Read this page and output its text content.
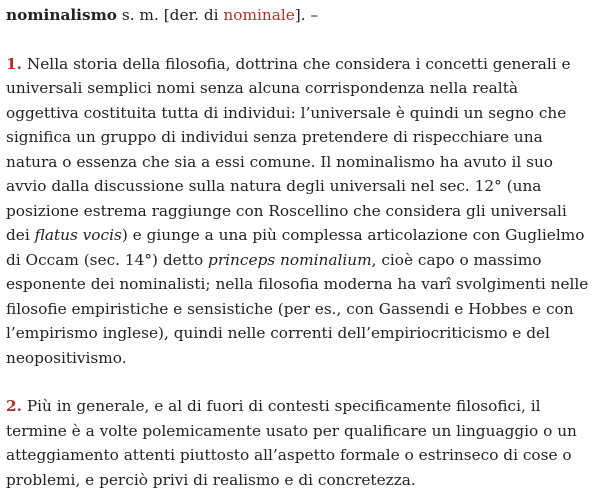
nominalismo s. m. [der. di nominale]. –

1. Nella storia della filosofia, dottrina che considera i concetti generali e universali semplici nomi senza alcuna corrispondenza nella realtà oggettiva costituita tutta di individui: l’universale è quindi un segno che significa un gruppo di individui senza pretendere di rispecchiare una natura o essenza che sia a essi comune. Il nominalismo ha avuto il suo avvio dalla discussione sulla natura degli universali nel sec. 12° (una posizione estrema raggiunge con Roscellino che considera gli universali dei flatus vocis) e giunge a una più complessa articolazione con Guglielmo di Occam (sec. 14°) detto princeps nominalium, cioè capo o massimo esponente dei nominalisti; nella filosofia moderna ha varî svolgimenti nelle filosofie empiristiche e sensistiche (per es., con Gassendi e Hobbes e con l’empirismo inglese), quindi nelle correnti dell’empiriocriticismo e del neopositivismo.

2. Più in generale, e al di fuori di contesti specificamente filosofici, il termine è a volte polemicamente usato per qualificare un linguaggio o un atteggiamento attenti piuttosto all’aspetto formale o estrinseco di cose o problemi, e perciò privi di realismo e di concretezza.
